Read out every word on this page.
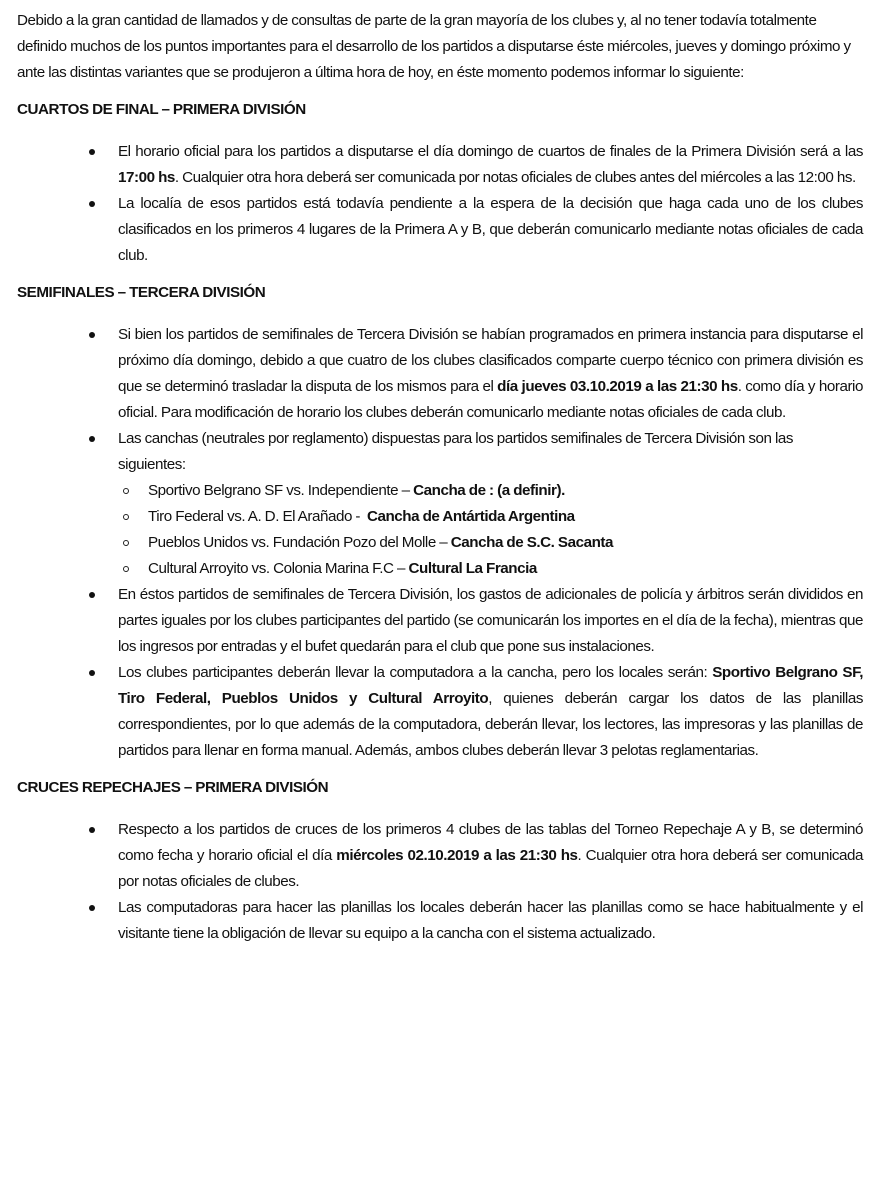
Debido a la gran cantidad de llamados y de consultas de parte de la gran mayoría de los clubes y, al no tener todavía totalmente definido muchos de los puntos importantes para el desarrollo de los partidos a disputarse éste miércoles, jueves y domingo próximo y ante las distintas variantes que se produjeron a última hora de hoy, en éste momento podemos informar lo siguiente:

CUARTOS DE FINAL – PRIMERA DIVISIÓN

El horario oficial para los partidos a disputarse el día domingo de cuartos de finales de la Primera División será a las 17:00 hs. Cualquier otra hora deberá ser comunicada por notas oficiales de clubes antes del miércoles a las 12:00 hs.
La localía de esos partidos está todavía pendiente a la espera de la decisión que haga cada uno de los clubes clasificados en los primeros 4 lugares de la Primera A y B, que deberán comunicarlo mediante notas oficiales de cada club.

SEMIFINALES – TERCERA DIVISIÓN

Si bien los partidos de semifinales de Tercera División se habían programados en primera instancia para disputarse el próximo día domingo, debido a que cuatro de los clubes clasificados comparte cuerpo técnico con primera división es que se determinó trasladar la disputa de los mismos para el día jueves 03.10.2019 a las 21:30 hs. como día y horario oficial. Para modificación de horario los clubes deberán comunicarlo mediante notas oficiales de cada club.
Las canchas (neutrales por reglamento) dispuestas para los partidos semifinales de Tercera División son las siguientes:
Sportivo Belgrano SF vs. Independiente – Cancha de : (a definir).
Tiro Federal vs. A. D. El Arañado -  Cancha de Antártida Argentina
Pueblos Unidos vs. Fundación Pozo del Molle – Cancha de S.C. Sacanta
Cultural Arroyito vs. Colonia Marina F.C – Cultural La Francia
En éstos partidos de semifinales de Tercera División, los gastos de adicionales de policía y árbitros serán divididos en partes iguales por los clubes participantes del partido (se comunicarán los importes en el día de la fecha), mientras que los ingresos por entradas y el bufet quedarán para el club que pone sus instalaciones.
Los clubes participantes deberán llevar la computadora a la cancha, pero los locales serán: Sportivo Belgrano SF, Tiro Federal, Pueblos Unidos y Cultural Arroyito, quienes deberán cargar los datos de las planillas correspondientes, por lo que además de la computadora, deberán llevar, los lectores, las impresoras y las planillas de partidos para llenar en forma manual. Además, ambos clubes deberán llevar 3 pelotas reglamentarias.

CRUCES REPECHAJES – PRIMERA DIVISIÓN

Respecto a los partidos de cruces de los primeros 4 clubes de las tablas del Torneo Repechaje A y B, se determinó como fecha y horario oficial el día miércoles 02.10.2019 a las 21:30 hs. Cualquier otra hora deberá ser comunicada por notas oficiales de clubes.
Las computadoras para hacer las planillas los locales deberán hacer las planillas como se hace habitualmente y el visitante tiene la obligación de llevar su equipo a la cancha con el sistema actualizado.
